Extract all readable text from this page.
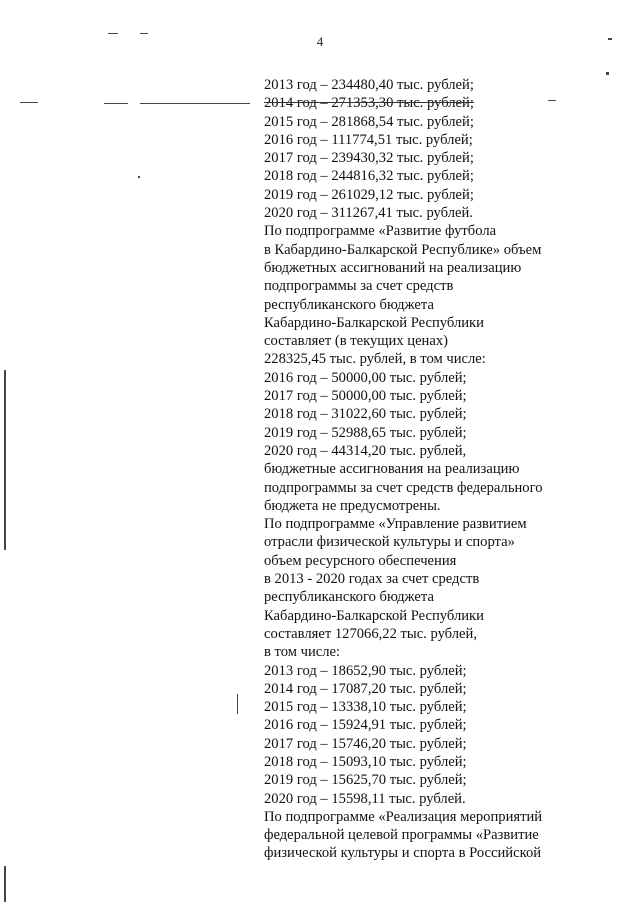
4
2013 год – 234480,40 тыс. рублей;
2014 год – 271353,30 тыс. рублей;
2015 год – 281868,54 тыс. рублей;
2016 год – 111774,51 тыс. рублей;
2017 год – 239430,32 тыс. рублей;
2018 год – 244816,32 тыс. рублей;
2019 год – 261029,12 тыс. рублей;
2020 год – 311267,41 тыс. рублей.
По подпрограмме «Развитие футбола
в Кабардино-Балкарской Республике» объем
бюджетных ассигнований на реализацию
подпрограммы за счет средств
республиканского бюджета
Кабардино-Балкарской Республики
составляет (в текущих ценах)
228325,45 тыс. рублей, в том числе:
2016 год – 50000,00 тыс. рублей;
2017 год – 50000,00 тыс. рублей;
2018 год – 31022,60 тыс. рублей;
2019 год – 52988,65 тыс. рублей;
2020 год – 44314,20 тыс. рублей,
бюджетные ассигнования на реализацию
подпрограммы за счет средств федерального
бюджета не предусмотрены.
По подпрограмме «Управление развитием
отрасли физической культуры и спорта»
объем ресурсного обеспечения
в 2013 - 2020 годах за счет средств
республиканского бюджета
Кабардино-Балкарской Республики
составляет 127066,22 тыс. рублей,
в том числе:
2013 год – 18652,90 тыс. рублей;
2014 год – 17087,20 тыс. рублей;
2015 год – 13338,10 тыс. рублей;
2016 год – 15924,91 тыс. рублей;
2017 год – 15746,20 тыс. рублей;
2018 год – 15093,10 тыс. рублей;
2019 год – 15625,70 тыс. рублей;
2020 год – 15598,11 тыс. рублей.
По подпрограмме «Реализация мероприятий
федеральной целевой программы «Развитие
физической культуры и спорта в Российской
